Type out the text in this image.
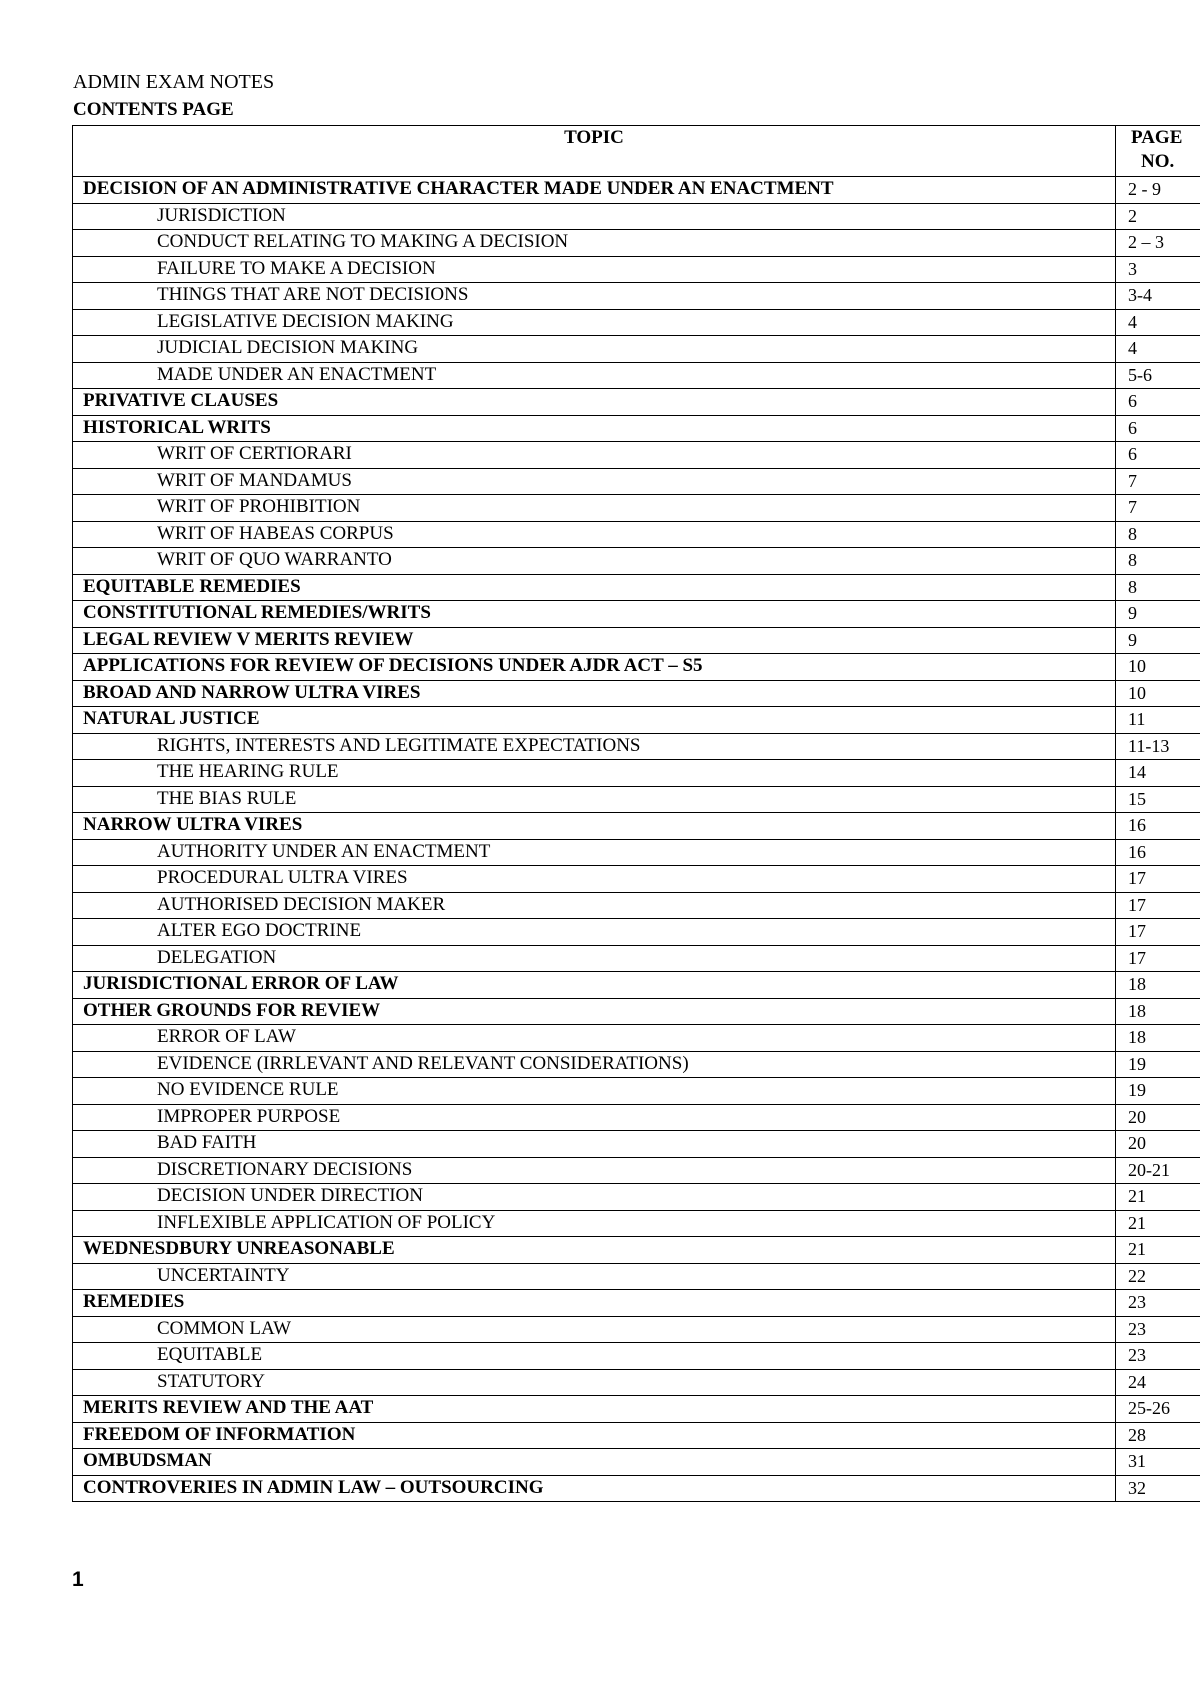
ADMIN EXAM NOTES
CONTENTS PAGE
TOPIC	PAGE
NO.

DECISION OF AN ADMINISTRATIVE CHARACTER MADE UNDER AN ENACTMENT	2 - 9
JURISDICTION	2
CONDUCT RELATING TO MAKING A DECISION	2 – 3
FAILURE TO MAKE A DECISION	3
THINGS THAT ARE NOT DECISIONS	3-4
LEGISLATIVE DECISION MAKING	4
JUDICIAL DECISION MAKING	4
MADE UNDER AN ENACTMENT	5-6
PRIVATIVE CLAUSES	6
HISTORICAL WRITS	6
WRIT OF CERTIORARI	6
WRIT OF MANDAMUS	7
WRIT OF PROHIBITION	7
WRIT OF HABEAS CORPUS	8
WRIT OF QUO WARRANTO	8
EQUITABLE REMEDIES	8
CONSTITUTIONAL REMEDIES/WRITS	9
LEGAL REVIEW V MERITS REVIEW	9
APPLICATIONS FOR REVIEW OF DECISIONS UNDER AJDR ACT – S5	10
BROAD AND NARROW ULTRA VIRES	10
NATURAL JUSTICE	11
RIGHTS, INTERESTS AND LEGITIMATE EXPECTATIONS	11-13
THE HEARING RULE	14
THE BIAS RULE	15
NARROW ULTRA VIRES	16
AUTHORITY UNDER AN ENACTMENT	16
PROCEDURAL ULTRA VIRES	17
AUTHORISED DECISION MAKER	17
ALTER EGO DOCTRINE	17
DELEGATION	17
JURISDICTIONAL ERROR OF LAW	18
OTHER GROUNDS FOR REVIEW	18
ERROR OF LAW	18
EVIDENCE (IRRLEVANT AND RELEVANT CONSIDERATIONS)	19
NO EVIDENCE RULE	19
IMPROPER PURPOSE	20
BAD FAITH	20
DISCRETIONARY DECISIONS	20-21
DECISION UNDER DIRECTION	21
INFLEXIBLE APPLICATION OF POLICY	21
WEDNESDBURY UNREASONABLE	21
UNCERTAINTY	22
REMEDIES	23
COMMON LAW	23
EQUITABLE	23
STATUTORY	24
MERITS REVIEW AND THE AAT	25-26
FREEDOM OF INFORMATION	28
OMBUDSMAN	31
CONTROVERIES IN ADMIN LAW – OUTSOURCING	32
1
